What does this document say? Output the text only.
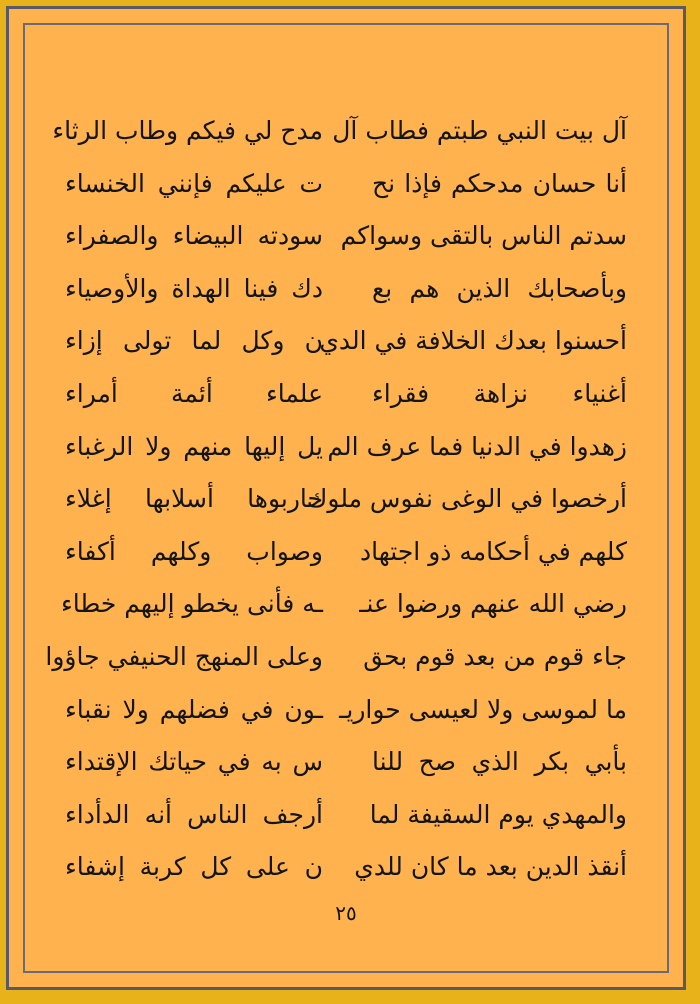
آل بيت النبي طبتم فطاب آل
مدح لي فيكم وطاب الرثاء
أنا حسان مدحكم فإذا نح
ت عليكم فإنني الخنساء
سدتم الناس بالتقى وسواكم
سودته البيضاء والصفراء
وبأصحابك الذين هم بع
دك فينا الهداة والأوصياء
أحسنوا بعدك الخلافة في الدي
ن وكل لما تولى إزاء
أغنياء نزاهة فقراء
علماء أئمة أمراء
زهدوا في الدنيا فما عرف الم
يل إليها منهم ولا الرغباء
أرخصوا في الوغى نفوس ملوك
حاربوها أسلابها إغلاء
كلهم في أحكامه ذو اجتهاد
وصواب وكلهم أكفاء
رضي الله عنهم ورضوا عنـ
ـه فأنى يخطو إليهم خطاء
جاء قوم من بعد قوم بحق
وعلى المنهج الحنيفي جاؤوا
ما لموسى ولا لعيسى حواريـ
ـون في فضلهم ولا نقباء
بأبي بكر الذي صح للنا
س به في حياتك الإقتداء
والمهدي يوم السقيفة لما
أرجف الناس أنه الدأداء
أنقذ الدين بعد ما كان للدي
ن على كل كربة إشفاء
٢٥
